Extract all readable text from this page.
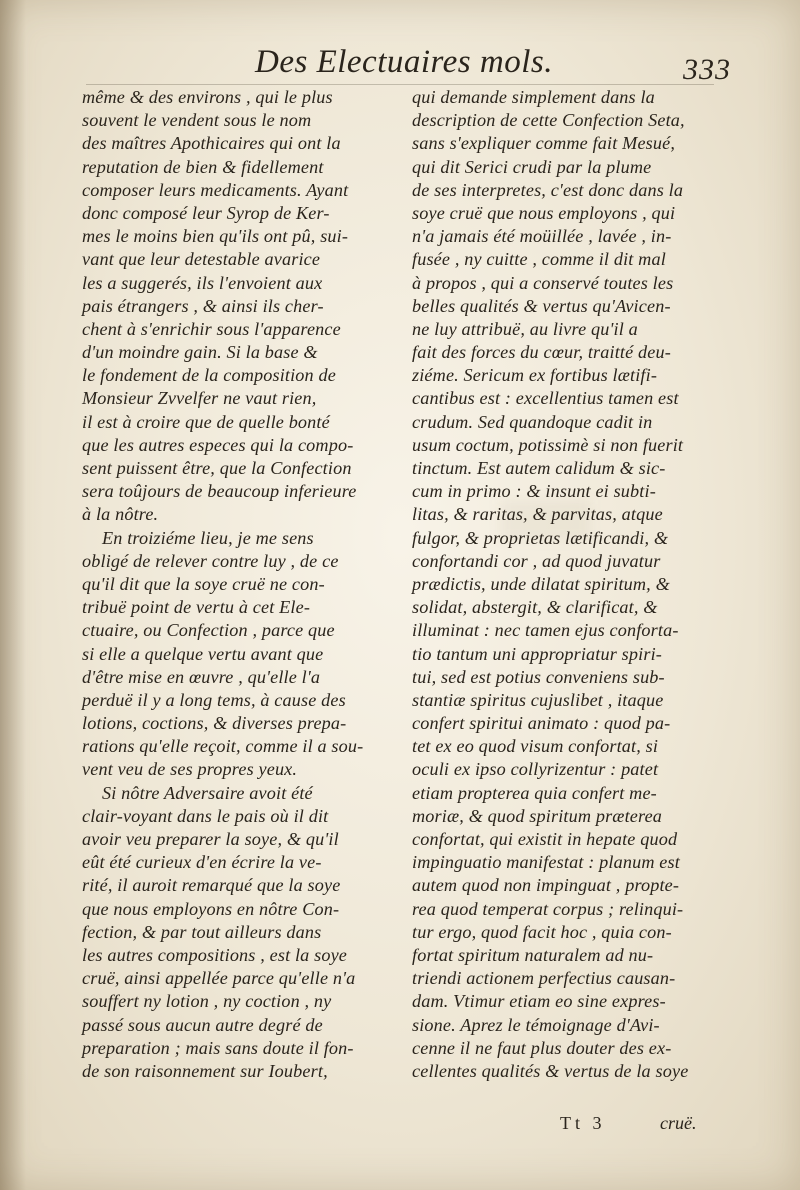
Des Electuaires mols.	333
même & des environs , qui le plus
souvent le vendent sous le nom
des maîtres Apothicaires qui ont la
reputation de bien & fidellement
composer leurs medicaments. Ayant
donc composé leur Syrop de Ker-
mes le moins bien qu'ils ont pû, sui-
vant que leur detestable avarice
les a suggerés, ils l'envoient aux
pais étrangers , & ainsi ils cher-
chent à s'enrichir sous l'apparence
d'un moindre gain. Si la base &
le fondement de la composition de
Monsieur Zvvelfer ne vaut rien,
il est à croire que de quelle bonté
que les autres especes qui la compo-
sent puissent être, que la Confection
sera toûjours de beaucoup inferieure
à la nôtre.
En troiziéme lieu, je me sens
obligé de relever contre luy , de ce
qu'il dit que la soye cruë ne con-
tribuë point de vertu à cet Ele-
ctuaire, ou Confection , parce que
si elle a quelque vertu avant que
d'être mise en œuvre , qu'elle l'a
perduë il y a long tems, à cause des
lotions, coctions, & diverses prepa-
rations qu'elle reçoit, comme il a sou-
vent veu de ses propres yeux.
Si nôtre Adversaire avoit été
clair-voyant dans le pais où il dit
avoir veu preparer la soye, & qu'il
eût été curieux d'en écrire la ve-
rité, il auroit remarqué que la soye
que nous employons en nôtre Con-
fection, & par tout ailleurs dans
les autres compositions , est la soye
cruë, ainsi appellée parce qu'elle n'a
souffert ny lotion , ny coction , ny
passé sous aucun autre degré de
preparation ; mais sans doute il fon-
de son raisonnement sur Ioubert,
qui demande simplement dans la
description de cette Confection Seta,
sans s'expliquer comme fait Mesué,
qui dit Serici crudi par la plume
de ses interpretes, c'est donc dans la
soye cruë que nous employons , qui
n'a jamais été moüillée , lavée , in-
fusée , ny cuitte , comme il dit mal
à propos , qui a conservé toutes les
belles qualités & vertus qu'Avicen-
ne luy attribuë, au livre qu'il a
fait des forces du cœur, traitté deu-
ziéme. Sericum ex fortibus lætifi-
cantibus est : excellentius tamen est
crudum. Sed quandoque cadit in
usum coctum, potissimè si non fuerit
tinctum. Est autem calidum & sic-
cum in primo : & insunt ei subti-
litas, & raritas, & parvitas, atque
fulgor, & proprietas lætificandi, &
confortandi cor , ad quod juvatur
prædictis, unde dilatat spiritum, &
solidat, abstergit, & clarificat, &
illuminat : nec tamen ejus conforta-
tio tantum uni appropriatur spiri-
tui, sed est potius conveniens sub-
stantiæ spiritus cujuslibet , itaque
confert spiritui animato : quod pa-
tet ex eo quod visum confortat, si
oculi ex ipso collyrizentur : patet
etiam propterea quia confert me-
moriæ, & quod spiritum præterea
confortat, qui existit in hepate quod
impinguatio manifestat : planum est
autem quod non impinguat , propte-
rea quod temperat corpus ; relinqui-
tur ergo, quod facit hoc , quia con-
fortat spiritum naturalem ad nu-
triendi actionem perfectius causan-
dam. Vtimur etiam eo sine expres-
sione. Aprez le témoignage d'Avi-
cenne il ne faut plus douter des ex-
cellentes qualités & vertus de la soye
Tt 3	cruë.
